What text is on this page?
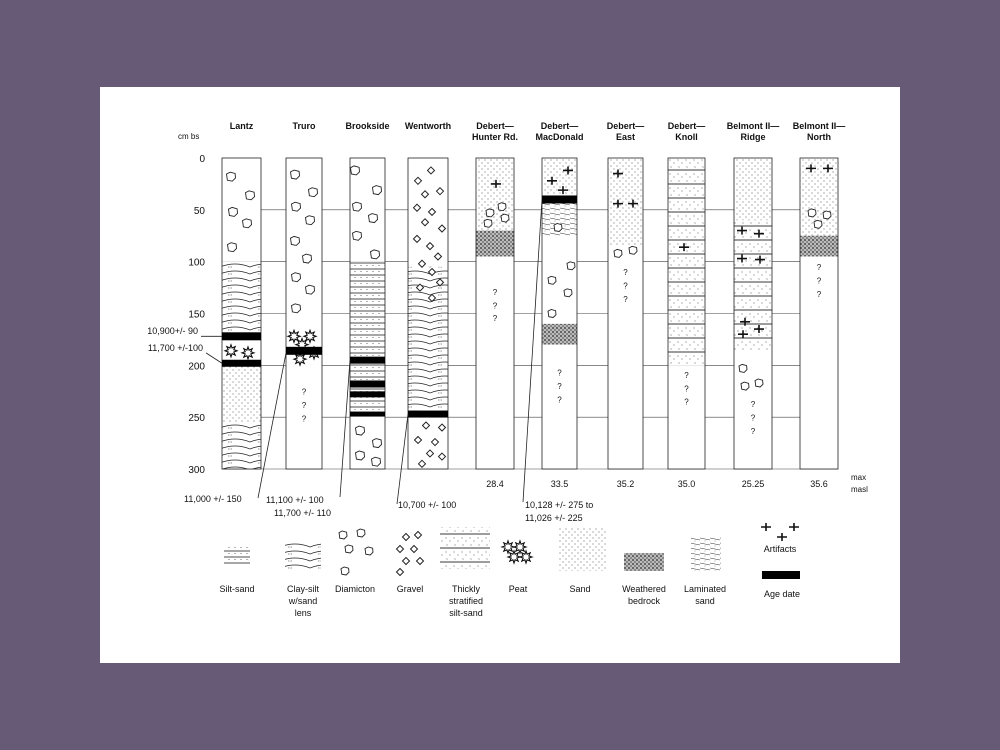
cm bs
0
50
100
150
200
250
300
Lantz	Truro	Brookside Wentworth	Debert—
Hunter Rd.
Debert—
MacDonald
Debert—
East
Debert—
Knoll
Belmont II—
Ridge
Belmont II—
North
?
?
?
?
?
?
?
?
?
?
?
?	?
?
?
?
?
?
?
?
?
10,900+/- 90
11,700 +/-100
11,000 +/- 150	11,100 +/- 100
11,700 +/- 110
10,700 +/- 100	10,128 +/- 275 to
11,026 +/- 225
28.4	33.5	35.2	35.0	25.25	35.6
max
masl
Silt-sand	Clay-silt
w/sand
lens
Diamicton Gravel	Thickly
stratified
silt-sand
Peat	Sand	Weathered
bedrock
Laminated
sand
Artifacts
Age date
